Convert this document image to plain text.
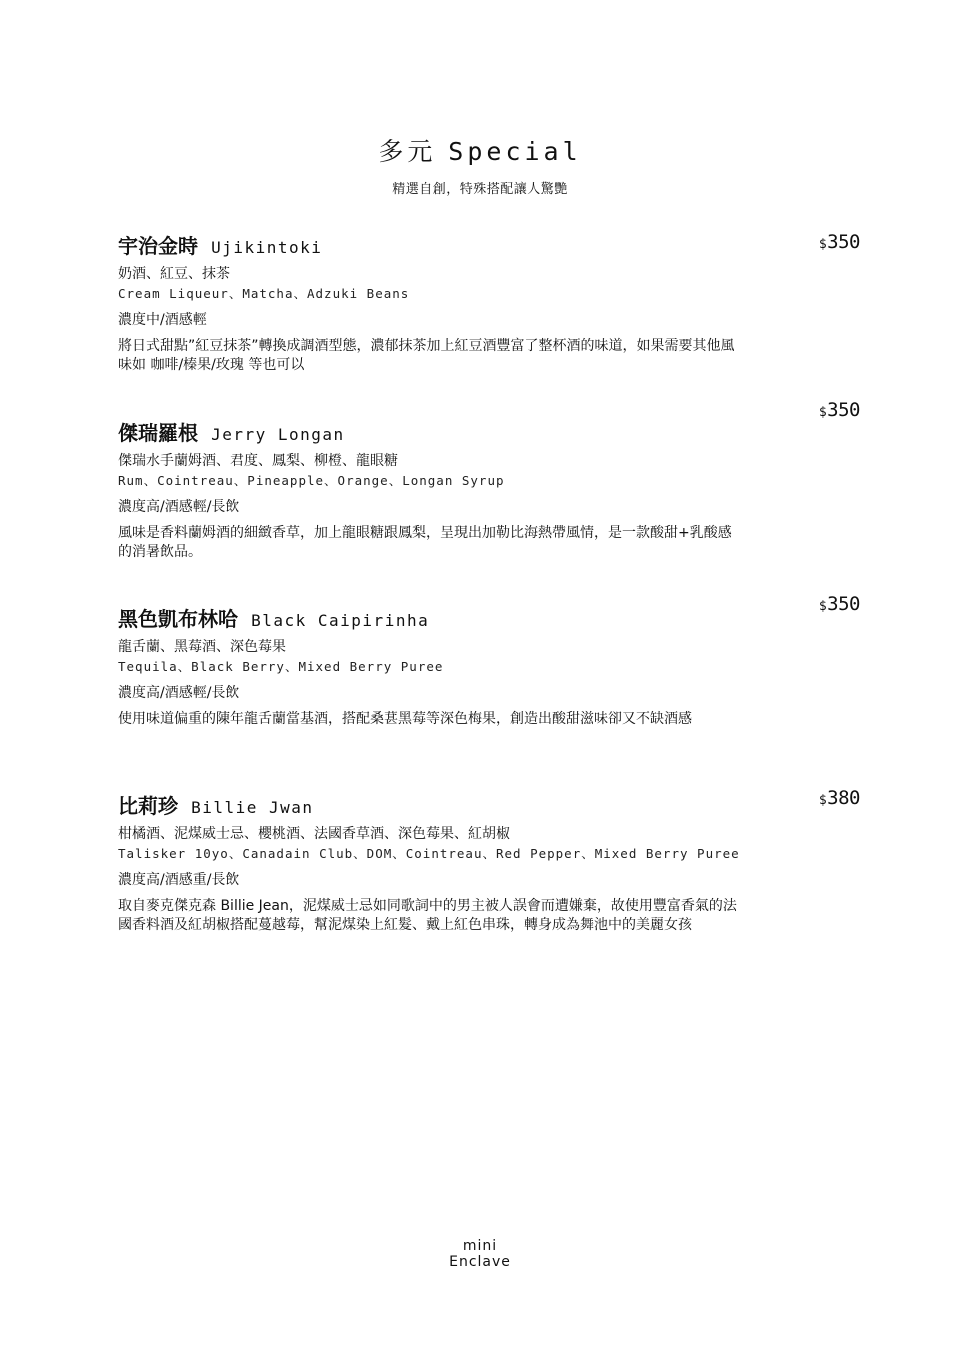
多元 Special
精選自創，特殊搭配讓人驚艷
宇治金時 Ujikintoki	$350
奶酒、紅豆、抹茶
Cream Liqueur、Matcha、Adzuki Beans
濃度中/酒感輕
將日式甜點”紅豆抹茶”轉換成調酒型態，濃郁抹茶加上紅豆酒豐富了整杯酒的味道，如果需要其他風味如 咖啡/榛果/玫瑰 等也可以
傑瑞羅根 Jerry Longan
$350
傑瑞水手蘭姆酒、君度、鳳梨、柳橙、龍眼糖
Rum、Cointreau、Pineapple、Orange、Longan Syrup
濃度高/酒感輕/長飲
風味是香料蘭姆酒的細緻香草，加上龍眼糖跟鳳梨，呈現出加勒比海熱帶風情，是一款酸甜+乳酸感的消暑飲品。
黑色凱布林哈 Black Caipirinha
$350
龍舌蘭、黑莓酒、深色莓果
Tequila、Black Berry、Mixed Berry Puree
濃度高/酒感輕/長飲
使用味道偏重的陳年龍舌蘭當基酒，搭配桑葚黑莓等深色梅果，創造出酸甜滋味卻又不缺酒感
比莉珍 Billie Jwan	$380
柑橘酒、泥煤威士忌、櫻桃酒、法國香草酒、深色莓果、紅胡椒
Talisker 10yo、Canadain Club、DOM、Cointreau、Red Pepper、Mixed Berry Puree
濃度高/酒感重/長飲
取自麥克傑克森 Billie Jean，泥煤威士忌如同歌詞中的男主被人誤會而遭嫌棄，故使用豐富香氣的法國香料酒及紅胡椒搭配蔓越莓，幫泥煤染上紅髮、戴上紅色串珠，轉身成為舞池中的美麗女孩
mini
Enclave
